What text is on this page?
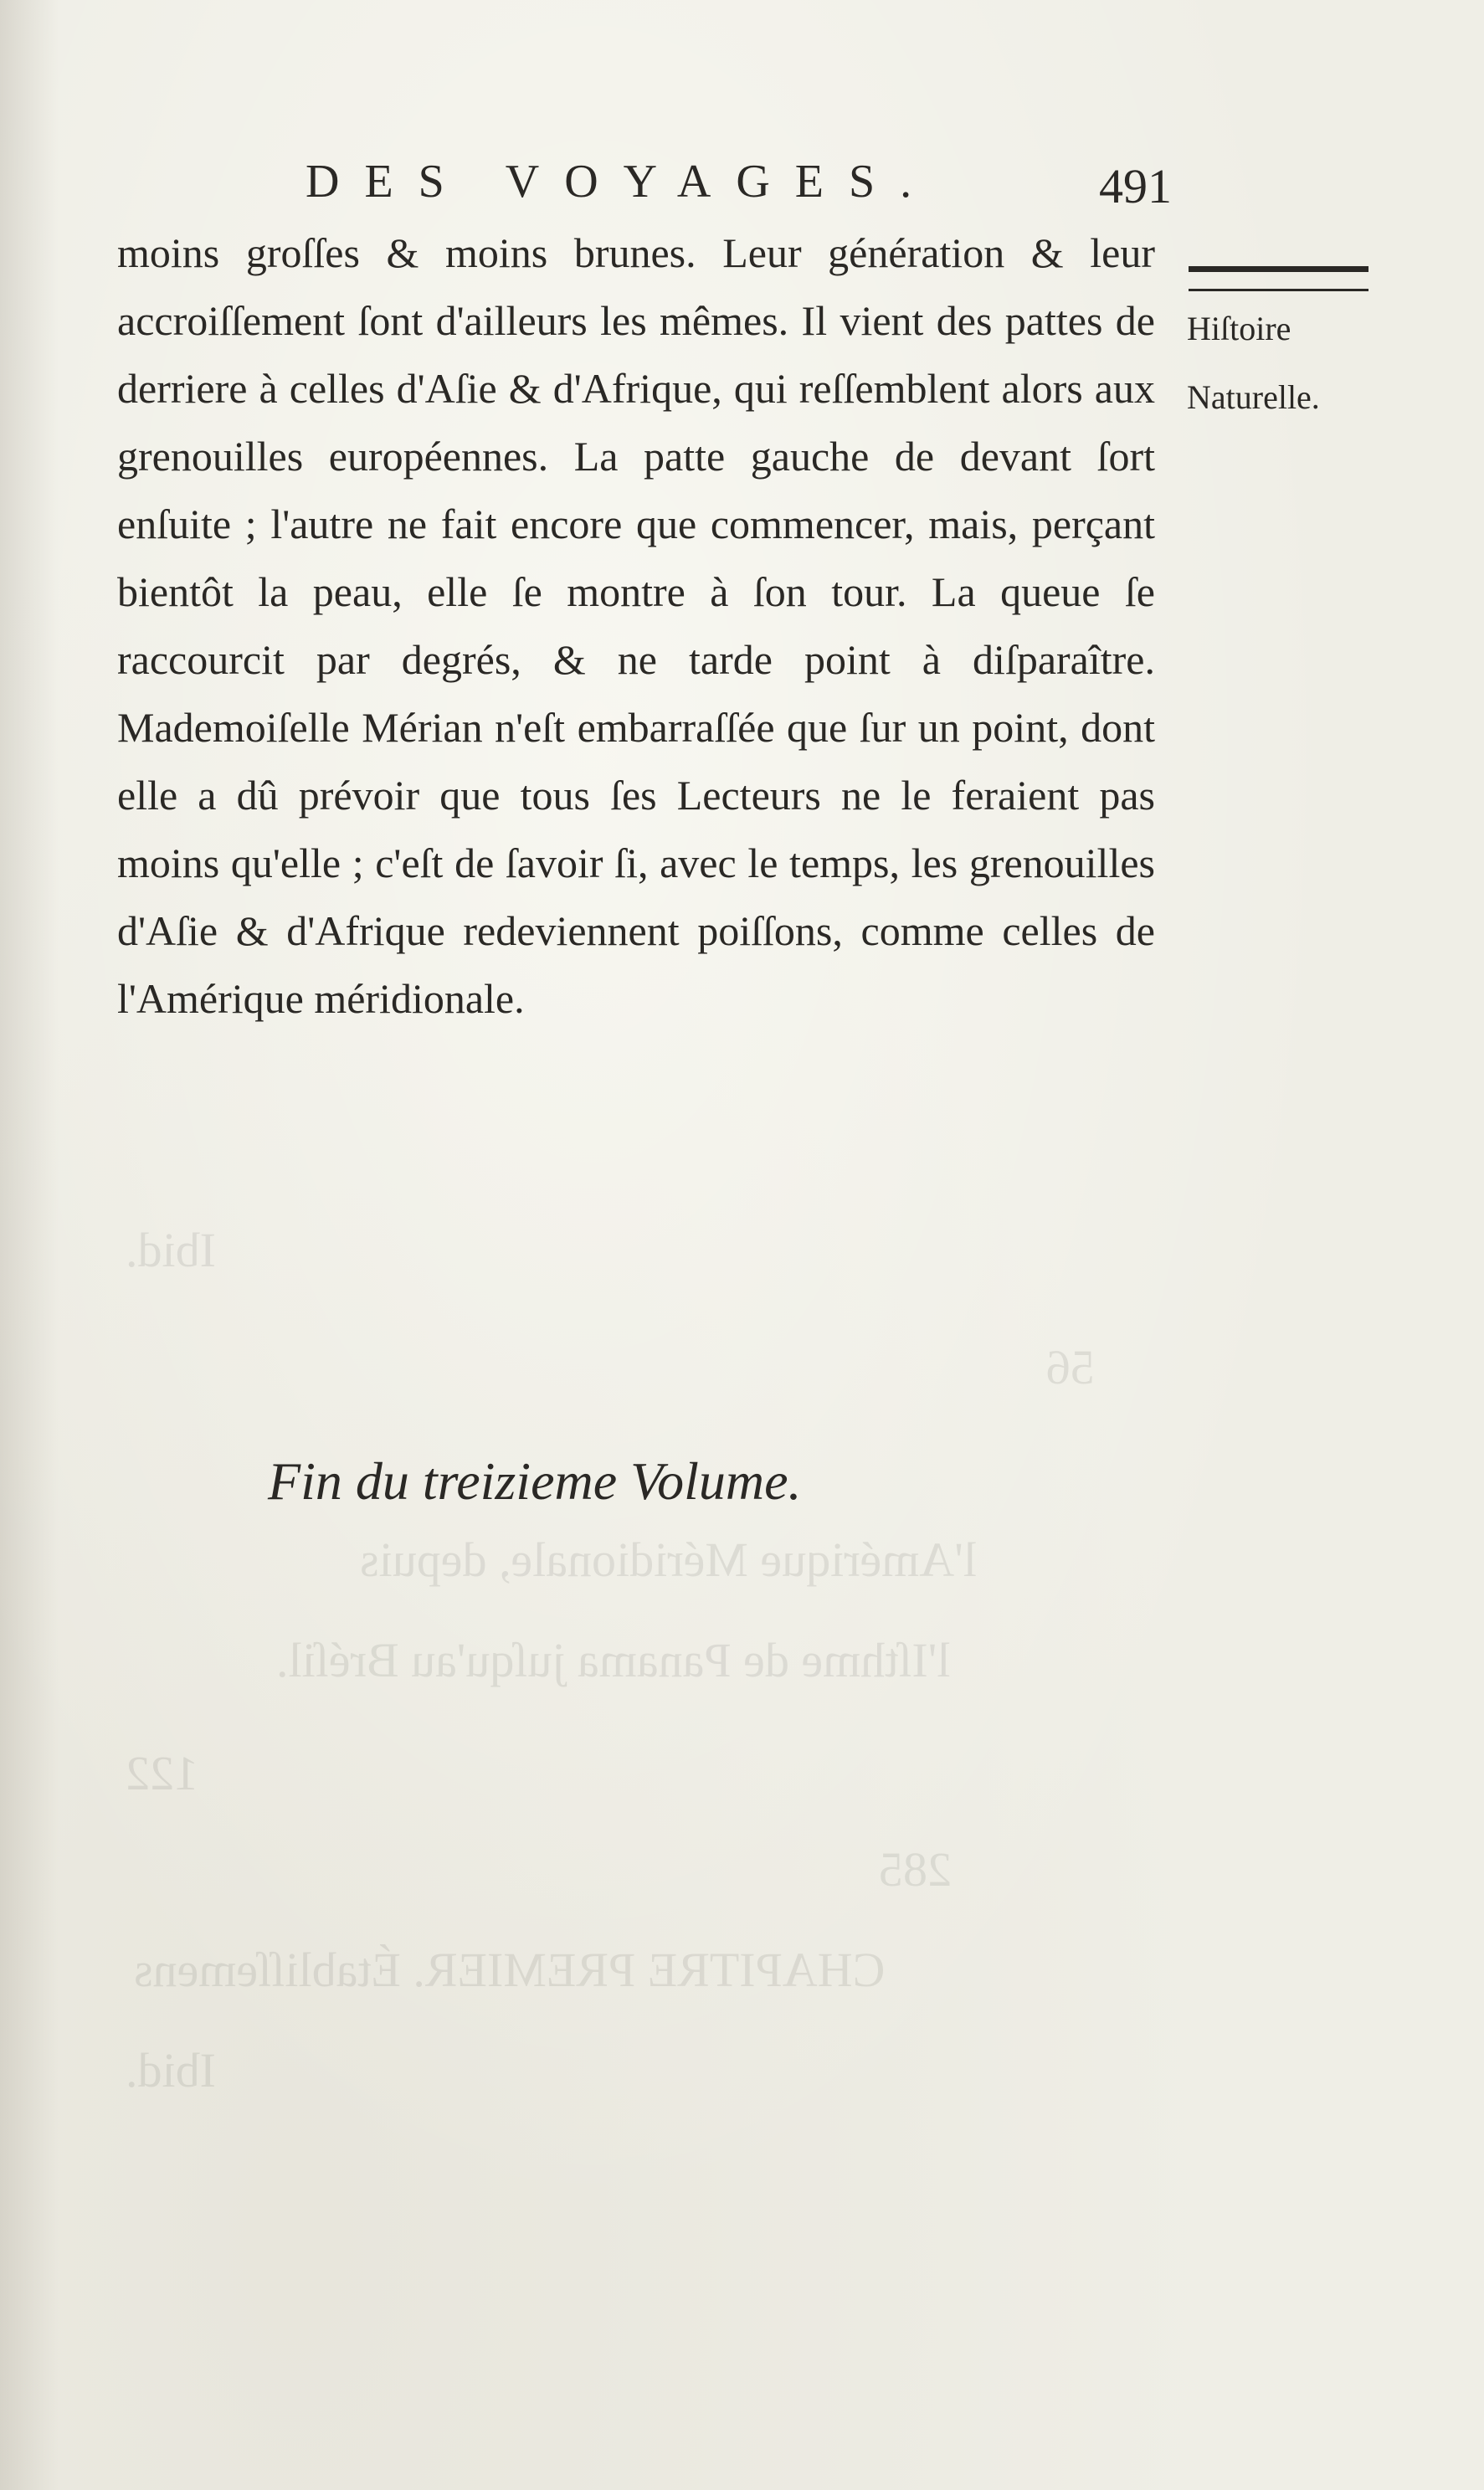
56
Ibid.
l'Amérique Méridionale, depuis
l'Iſthme de Panama juſqu'au Bréſil.
122
285
CHAPITRE PREMIER. Établiſſemens
Ibid.
DES VOYAGES.	491

moins groſſes & moins brunes. Leur génération & leur accroiſſement ſont d'ailleurs les mêmes. Il vient des pattes de derriere à celles d'Aſie & d'Afrique, qui reſſemblent alors aux grenouilles européennes. La patte gauche de devant ſort enſuite ; l'autre ne fait encore que commencer, mais, perçant bientôt la peau, elle ſe montre à ſon tour. La queue ſe raccourcit par degrés, & ne tarde point à diſparaître. Mademoiſelle Mérian n'eſt embarraſſée que ſur un point, dont elle a dû prévoir que tous ſes Lecteurs ne le feraient pas moins qu'elle ; c'eſt de ſavoir ſi, avec le temps, les grenouilles d'Aſie & d'Afrique redeviennent poiſſons, comme celles de l'Amérique méridionale.

Hiſtoire Naturelle.

Fin du treizieme Volume.
